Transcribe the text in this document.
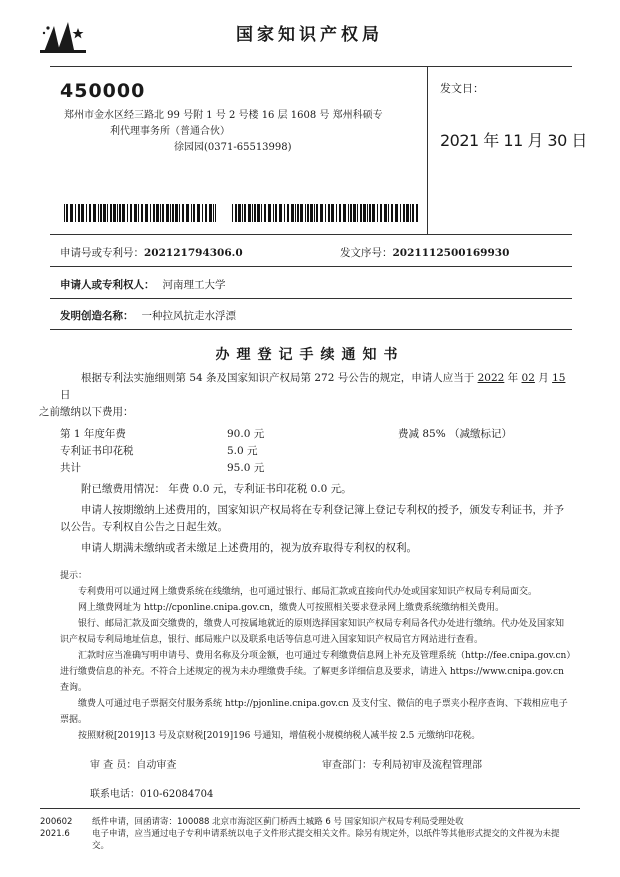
国家知识产权局
450000
郑州市金水区经三路北 99 号附 1 号 2 号楼 16 层 1608 号 郑州科硕专
利代理事务所（普通合伙）
徐园园(0371-65513998)
发文日：
2021 年 11 月 30 日
申请号或专利号：202121794306.0	发文序号：2021112500169930
申请人或专利权人： 河南理工大学
发明创造名称： 一种拉风抗走水浮漂
办理登记手续通知书
根据专利法实施细则第 54 条及国家知识产权局第 272 号公告的规定，申请人应当于 2022 年 02 月 15 日
之前缴纳以下费用：
第 1 年度年费	90.0 元	费减 85% （减缴标记）
专利证书印花税	5.0 元
共计	95.0 元
附已缴费用情况： 年费 0.0 元，专利证书印花税 0.0 元。
申请人按期缴纳上述费用的，国家知识产权局将在专利登记簿上登记专利权的授予，颁发专利证书，并予以公告。专利权自公告之日起生效。
申请人期满未缴纳或者未缴足上述费用的，视为放弃取得专利权的权利。

提示：

专利费用可以通过网上缴费系统在线缴纳，也可通过银行、邮局汇款或直接向代办处或国家知识产权局专利局面交。

网上缴费网址为 http://cponline.cnipa.gov.cn，缴费人可按照相关要求登录网上缴费系统缴纳相关费用。

银行、邮局汇款及面交缴费的，缴费人可按属地就近的原则选择国家知识产权局专利局各代办处进行缴纳。代办处及国家知识产权局专利局地址信息，银行、邮局账户以及联系电话等信息可进入国家知识产权局官方网站进行查看。

汇款时应当准确写明申请号、费用名称及分项金额，也可通过专利缴费信息网上补充及管理系统（http://fee.cnipa.gov.cn）进行缴费信息的补充。不符合上述规定的视为未办理缴费手续。了解更多详细信息及要求，请进入 https://www.cnipa.gov.cn 查询。

缴费人可通过电子票据交付服务系统 http://pjonline.cnipa.gov.cn 及支付宝、微信的电子票夹小程序查询、下载相应电子票据。

按照财税[2019]13 号及京财税[2019]196 号通知，增值税小规模纳税人减半按 2.5 元缴纳印花税。

审 查 员：自动审查	审查部门：专利局初审及流程管理部
联系电话：010-62084704
200602
2021.6
纸件申请，回函请寄：100088 北京市海淀区蓟门桥西土城路 6 号 国家知识产权局专利局受理处收
电子申请，应当通过电子专利申请系统以电子文件形式提交相关文件。除另有规定外，以纸件等其他形式提交的文件视为未提交。
